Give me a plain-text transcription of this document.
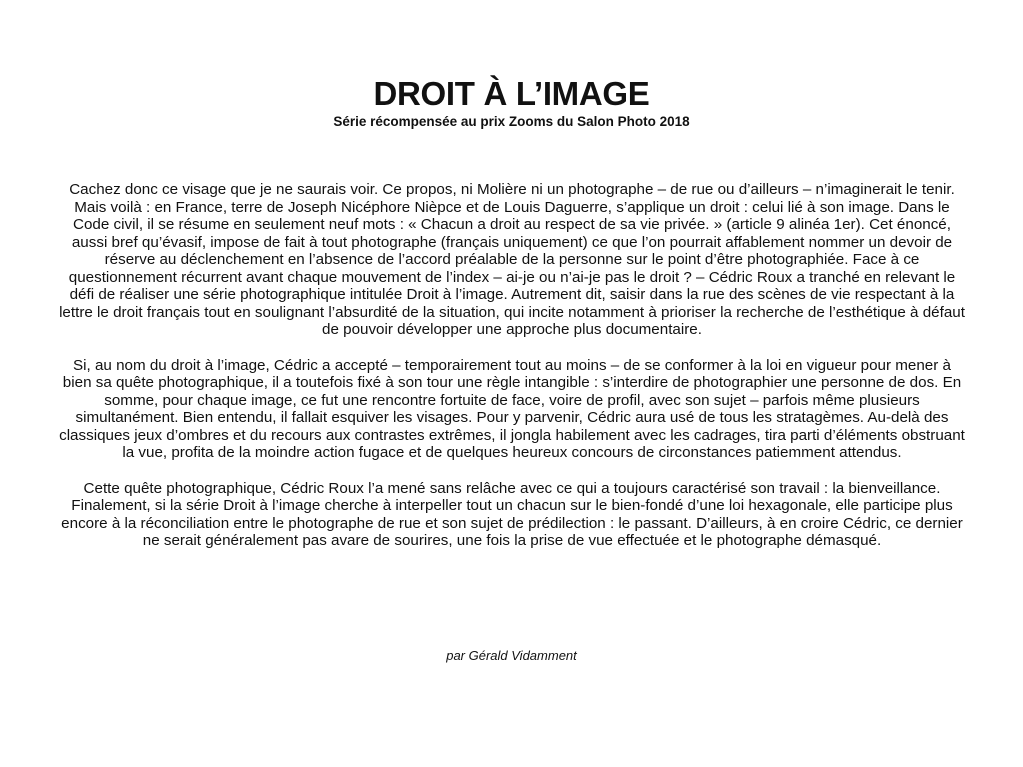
DROIT À L’IMAGE
Série récompensée au prix Zooms du Salon Photo 2018

Cachez donc ce visage que je ne saurais voir. Ce propos, ni Molière ni un photographe – de rue ou d’ailleurs – n’imaginerait le tenir. Mais voilà : en France, terre de Joseph Nicéphore Nièpce et de Louis Daguerre, s’applique un droit : celui lié à son image. Dans le Code civil, il se résume en seulement neuf mots : « Chacun a droit au respect de sa vie privée. » (article 9 alinéa 1er). Cet énoncé, aussi bref qu’évasif, impose de fait à tout photographe (français uniquement) ce que l’on pourrait affablement nommer un devoir de réserve au déclenchement en l’absence de l’accord préalable de la personne sur le point d’être photographiée. Face à ce questionnement récurrent avant chaque mouvement de l’index – ai-je ou n’ai-je pas le droit ? – Cédric Roux a tranché en relevant le défi de réaliser une série photographique intitulée Droit à l’image. Autrement dit, saisir dans la rue des scènes de vie respectant à la lettre le droit français tout en soulignant l’absurdité de la situation, qui incite notamment à prioriser la recherche de l’esthétique à défaut de pouvoir développer une approche plus documentaire.

Si, au nom du droit à l’image, Cédric a accepté – temporairement tout au moins – de se conformer à la loi en vigueur pour mener à bien sa quête photographique, il a toutefois fixé à son tour une règle intangible : s’interdire de photographier une personne de dos. En somme, pour chaque image, ce fut une rencontre fortuite de face, voire de profil, avec son sujet – parfois même plusieurs simultanément. Bien entendu, il fallait esquiver les visages. Pour y parvenir, Cédric aura usé de tous les stratagèmes. Au-delà des classiques jeux d’ombres et du recours aux contrastes extrêmes, il jongla habilement avec les cadrages, tira parti d’éléments obstruant la vue, profita de la moindre action fugace et de quelques heureux concours de circonstances patiemment attendus.

Cette quête photographique, Cédric Roux l’a mené sans relâche avec ce qui a toujours caractérisé son travail : la bienveillance. Finalement, si la série Droit à l’image cherche à interpeller tout un chacun sur le bien-fondé d’une loi hexagonale, elle participe plus encore à la réconciliation entre le photographe de rue et son sujet de prédilection : le passant. D’ailleurs, à en croire Cédric, ce dernier ne serait généralement pas avare de sourires, une fois la prise de vue effectuée et le photographe démasqué.

par Gérald Vidamment
